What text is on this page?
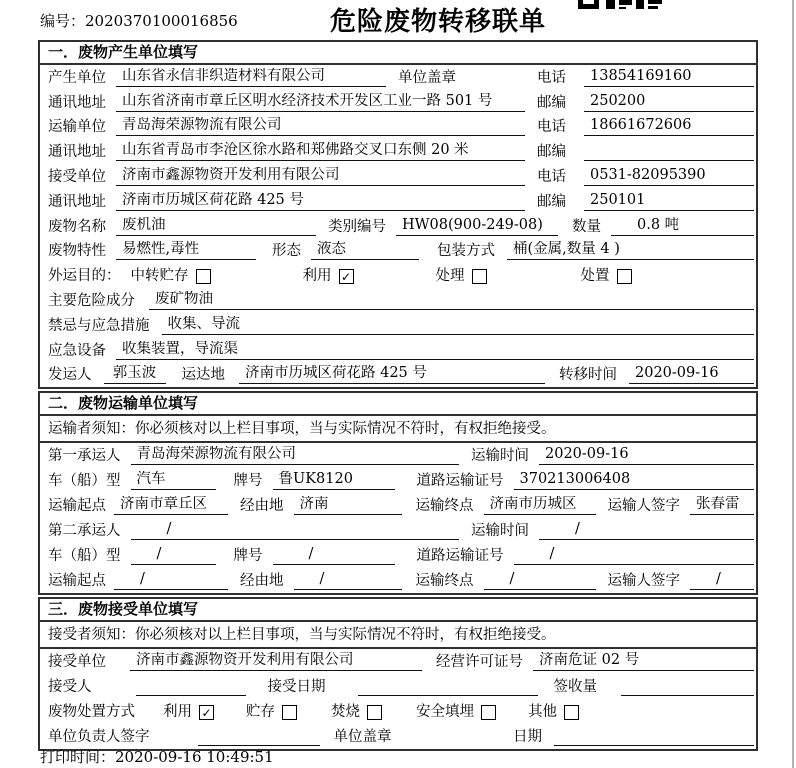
编号：2020370100016856	危险废物转移联单
一．废物产生单位填写
产生单位	山东省永信非织造材料有限公司	单位盖章	电话	13854169160
通讯地址	山东省济南市章丘区明水经济技术开发区工业一路 501 号	邮编	250200
运输单位	青岛海荣源物流有限公司	电话	18661672606
通讯地址	山东省青岛市李沧区徐水路和郑佛路交叉口东侧 20 米	邮编
接受单位	济南市鑫源物资开发利用有限公司	电话	0531-82095390
通讯地址	济南市历城区荷花路 425 号	邮编	250101
废物名称	废机油	类别编号	HW08(900-249-08)	数量	0.8 吨
废物特性	易燃性,毒性	形态	液态	包装方式	桶(金属,数量 4 )
外运目的： 中转贮存	利用 ✓	处理	处置
主要危险成分	废矿物油
禁忌与应急措施	收集、导流
应急设备	收集装置，导流渠
发运人	郭玉波	运达地	济南市历城区荷花路 425 号	转移时间	2020-09-16
二．废物运输单位填写
运输者须知：你必须核对以上栏目事项，当与实际情况不符时，有权拒绝接受。
第一承运人	青岛海荣源物流有限公司	运输时间	2020-09-16
车（船）型	汽车	牌号	鲁UK8120	道路运输证号	370213006408
运输起点 济南市章丘区	经由地	济南	运输终点	济南市历城区	运输人签字	张春雷
第二承运人	/	运输时间	/
车（船）型	/	牌号	/	道路运输证号	/
运输起点	/	经由地	/	运输终点	/	运输人签字	/
三．废物接受单位填写
接受者须知：你必须核对以上栏目事项，当与实际情况不符时，有权拒绝接受。
接受单位	济南市鑫源物资开发利用有限公司	经营许可证号	济南危证 02 号
接受人	接受日期	签收量
废物处置方式 利用 ✓ 贮存	焚烧	安全填埋	其他
单位负责人签字	单位盖章	日期
打印时间：2020-09-16 10:49:51
